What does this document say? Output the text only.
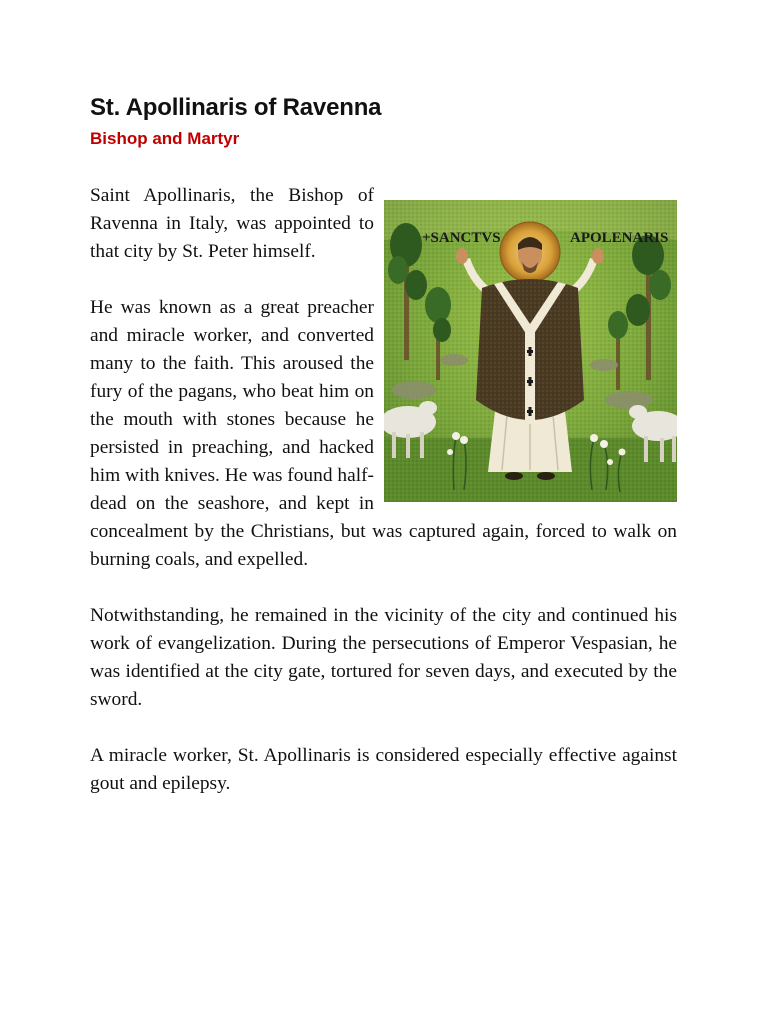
St. Apollinaris of Ravenna
Bishop and Martyr
+SANCTVS	APOLENARIS

Saint Apollinaris, the Bishop of Ravenna in Italy, was appointed to that city by St. Peter himself.

He was known as a great preacher and miracle worker, and converted many to the faith. This aroused the fury of the pagans, who beat him on the mouth with stones because he persisted in preaching, and hacked him with knives. He was found half-dead on the seashore, and kept in concealment by the Christians, but was captured again, forced to walk on burning coals, and expelled.

Notwithstanding, he remained in the vicinity of the city and continued his work of evangelization. During the persecutions of Emperor Vespasian, he was identified at the city gate, tortured for seven days, and executed by the sword.

A miracle worker, St. Apollinaris is considered especially effective against gout and epilepsy.
